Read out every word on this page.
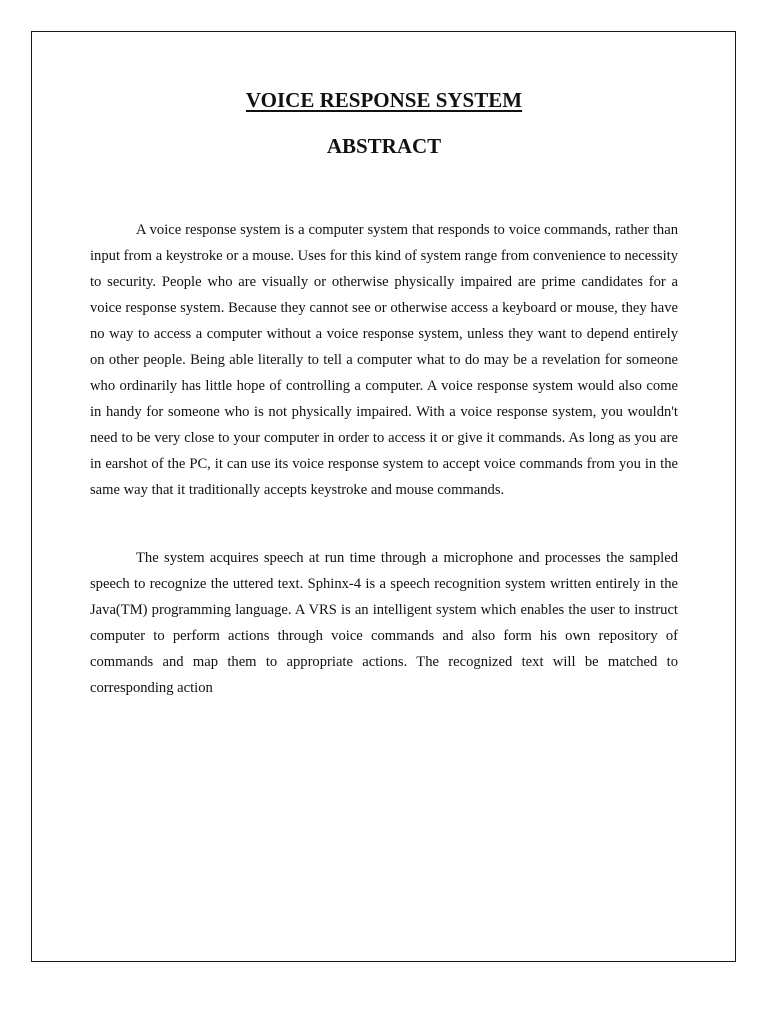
VOICE RESPONSE SYSTEM
ABSTRACT

A voice response system is a computer system that responds to voice commands, rather than input from a keystroke or a mouse. Uses for this kind of system range from convenience to necessity to security. People who are visually or otherwise physically impaired are prime candidates for a voice response system. Because they cannot see or otherwise access a keyboard or mouse, they have no way to access a computer without a voice response system, unless they want to depend entirely on other people. Being able literally to tell a computer what to do may be a revelation for someone who ordinarily has little hope of controlling a computer. A voice response system would also come in handy for someone who is not physically impaired. With a voice response system, you wouldn't need to be very close to your computer in order to access it or give it commands. As long as you are in earshot of the PC, it can use its voice response system to accept voice commands from you in the same way that it traditionally accepts keystroke and mouse commands.

The system acquires speech at run time through a microphone and processes the sampled speech to recognize the uttered text. Sphinx-4 is a speech recognition system written entirely in the Java(TM) programming language. A VRS is an intelligent system which enables the user to instruct computer to perform actions through voice commands and also form his own repository of commands and map them to appropriate actions. The recognized text will be matched to corresponding action
